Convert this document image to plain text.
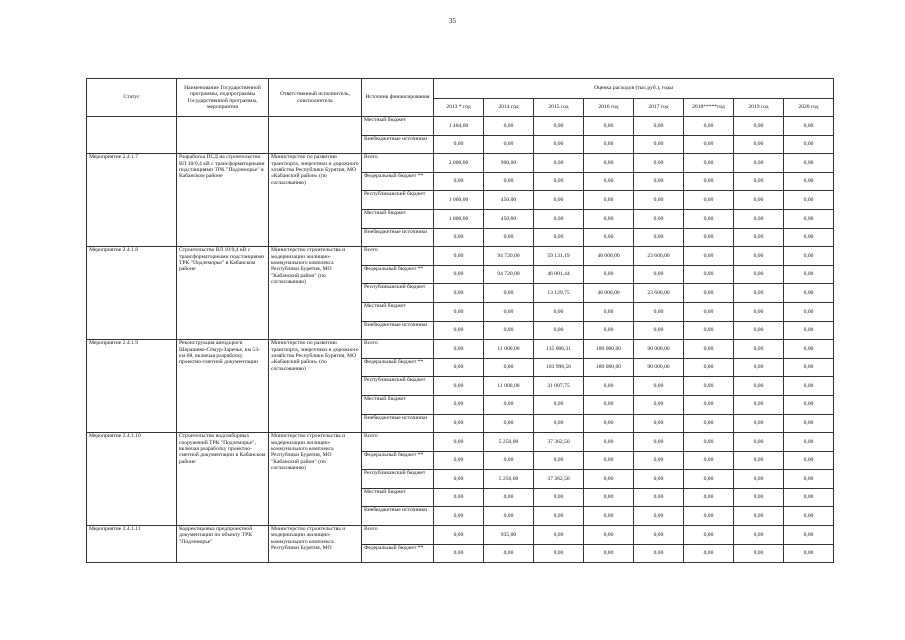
35
Статус	Наименование Государственной программы, подпрограммы Государственной программы, мероприятия	Ответственный исполнитель, соисполнитель	Источник финансирования	Оценка расходов (тыс.руб.), годы							
				2013 * год	2014 год	2015 год	2016 год	2017 год	2018*****год	2019 год	2020 год
			Местный бюджет	1 484,00	0,00	0,00	0,00	0,00	0,00	0,00	0,00
			Внебюджетные источники	0,00	0,00	0,00	0,00	0,00	0,00	0,00	0,00
Мероприятие 2.4.1.7	Разработка ПСД на строительство ВЛ 10/0,4 кВ с трансформаторными подстанциями ТРК "Подлеморье" в Кабанском районе	Министерство по развитию транспорта, энергетики и дорожного хозяйства Республики Бурятия, МО «Кабанский район» (по согласованию)	Всего	2 000,00	900,00	0,00	0,00	0,00	0,00	0,00	0,00
			Федеральный бюджет **	0,00	0,00	0,00	0,00	0,00	0,00	0,00	0,00
			Республиканский бюджет	1 000,00	450,00	0,00	0,00	0,00	0,00	0,00	0,00
			Местный бюджет	1 000,00	450,00	0,00	0,00	0,00	0,00	0,00	0,00
			Внебюджетные источники	0,00	0,00	0,00	0,00	0,00	0,00	0,00	0,00
Мероприятие 2.4.1.8	Строительство ВЛ 10/0,4 кВ с трансформаторными подстанциями ТРК "Подлеморье" в Кабанском районе	Министерство строительства и модернизации жилищно-коммунального комплекса Республики Бурятия, МО "Кабанский район" (по согласованию)	Всего	0,00	94 720,00	59 131,19	48 000,00	23 600,00	0,00	0,00	0,00
			Федеральный бюджет **	0,00	94 720,00	46 001,44	0,00	0,00	0,00	0,00	0,00
			Республиканский бюджет	0,00	0,00	13 129,75	48 000,00	23 600,00	0,00	0,00	0,00
			Местный бюджет	0,00	0,00	0,00	0,00	0,00	0,00	0,00	0,00
			Внебюджетные источники	0,00	0,00	0,00	0,00	0,00	0,00	0,00	0,00
Мероприятие 2.4.1.9	Реконструкция автодороги Шерашево-Сёмур-Заречье, км 53-км 68, включая разработку проектно-сметной документации	Министерство по развитию транспорта, энергетики и дорожного хозяйства Республики Бурятия, МО «Кабанский район» (по согласованию)	Всего	0,00	11 000,00	135 006,31	180 000,00	90 000,00	0,00	0,00	0,00
			Федеральный бюджет **	0,00	0,00	103 998,56	180 000,00	90 000,00	0,00	0,00	0,00
			Республиканский бюджет	0,00	11 000,00	31 007,75	0,00	0,00	0,00	0,00	0,00
			Местный бюджет	0,00	0,00	0,00	0,00	0,00	0,00	0,00	0,00
			Внебюджетные источники	0,00	0,00	0,00	0,00	0,00	0,00	0,00	0,00
Мероприятие 2.4.1.10	Строительство водозаборных сооружений ТРК "Подлеморье", включая разработку проектно-сметной документации в Кабанском районе	Министерство строительства и модернизации жилищно-коммунального комплекса Республики Бурятия, МО "Кабанский район" (по согласованию)	Всего	0,00	5 250,00	37 362,50	0,00	0,00	0,00	0,00	0,00
			Федеральный бюджет **	0,00	0,00	0,00	0,00	0,00	0,00	0,00	0,00
			Республиканский бюджет	0,00	5 250,00	37 362,50	0,00	0,00	0,00	0,00	0,00
			Местный бюджет	0,00	0,00	0,00	0,00	0,00	0,00	0,00	0,00
			Внебюджетные источники	0,00	0,00	0,00	0,00	0,00	0,00	0,00	0,00
Мероприятие 2.4.1.11	Корректировка предпроектной документации по объекту ТРК "Подлеморье"	Министерство строительства и модернизации жилищно-коммунального комплекса Республики Бурятия, МО	Всего	0,00	935,00	0,00	0,00	0,00	0,00	0,00	0,00
			Федеральный бюджет **	0,00	0,00	0,00	0,00	0,00	0,00	0,00	0,00
